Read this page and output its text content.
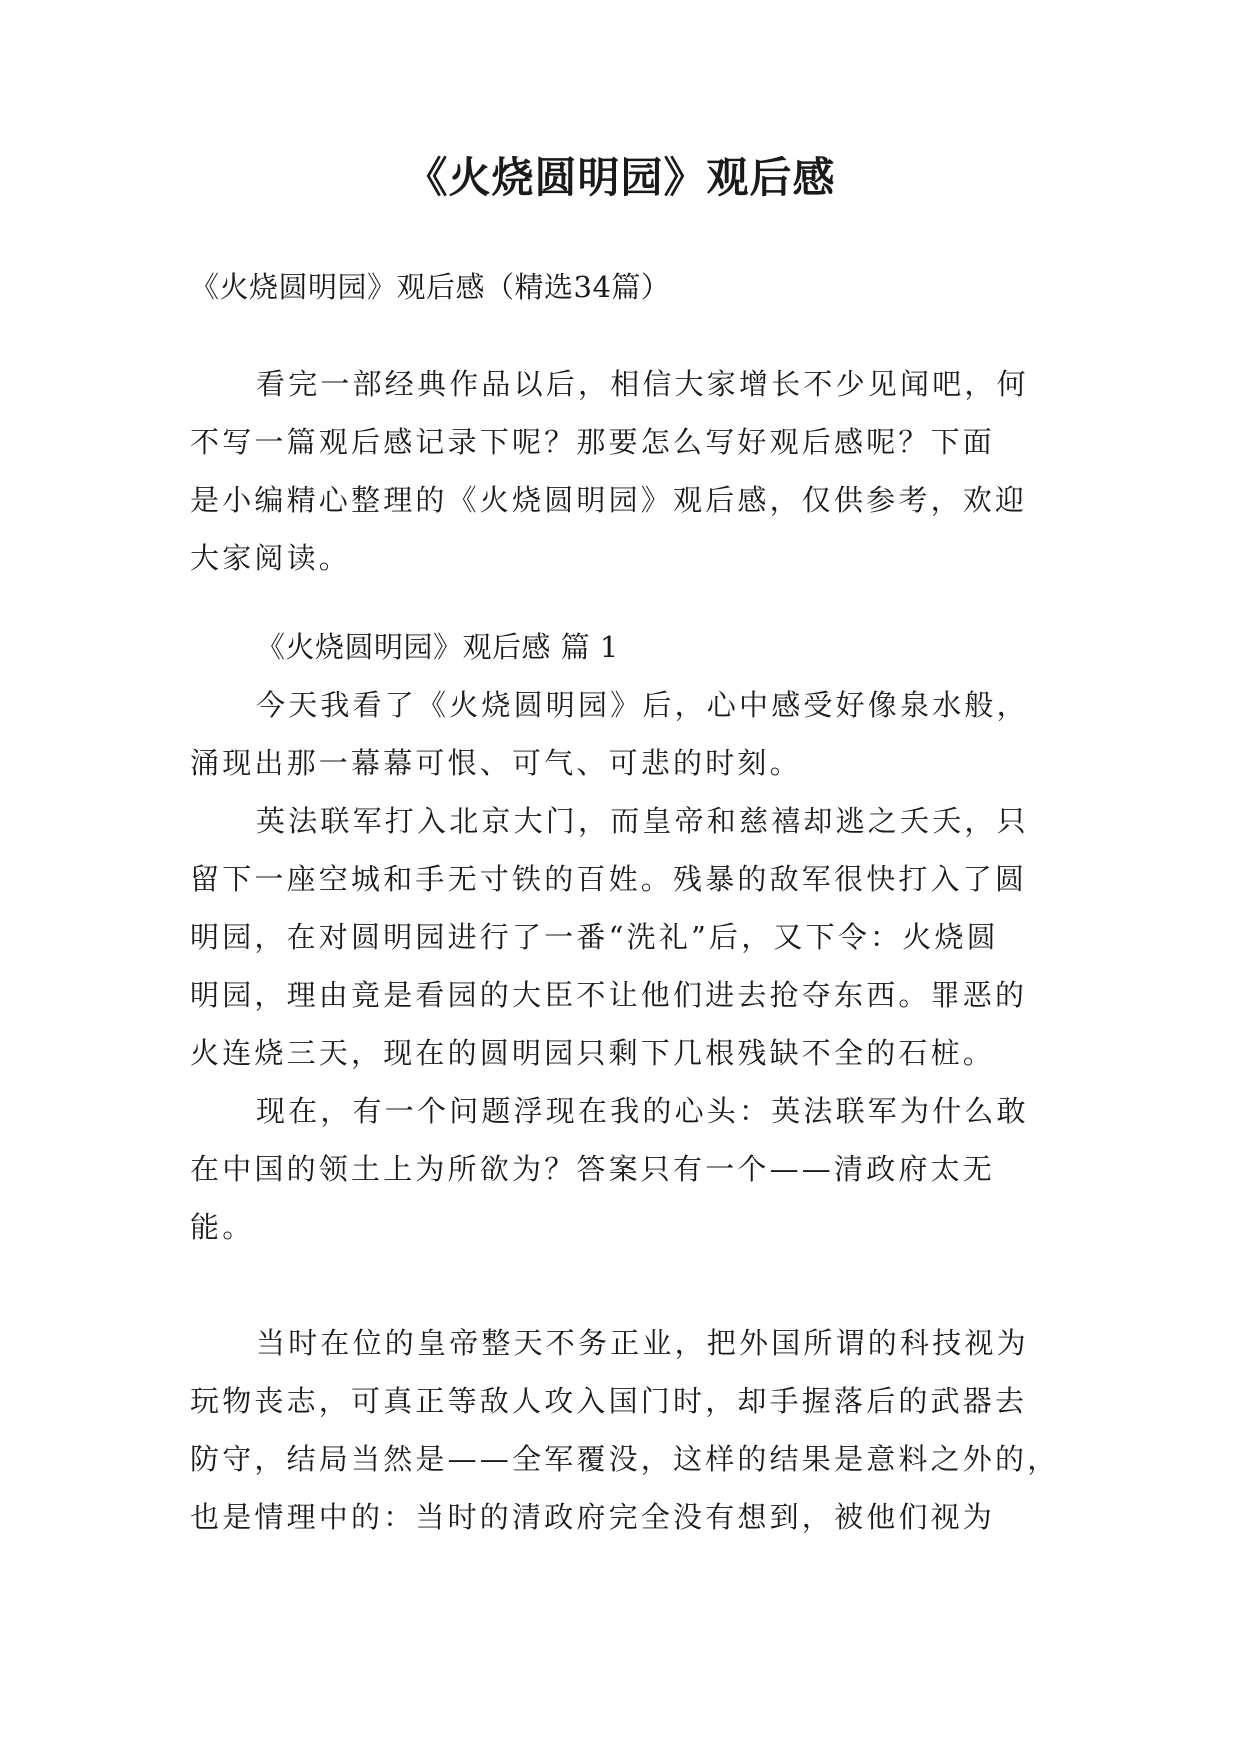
《火烧圆明园》观后感
《火烧圆明园》观后感（精选34篇）
看完一部经典作品以后，相信大家增长不少见闻吧，何
不写一篇观后感记录下呢？那要怎么写好观后感呢？下面
是小编精心整理的《火烧圆明园》观后感，仅供参考，欢迎
大家阅读。
《火烧圆明园》观后感 篇 1
今天我看了《火烧圆明园》后，心中感受好像泉水般，
涌现出那一幕幕可恨、可气、可悲的时刻。
英法联军打入北京大门，而皇帝和慈禧却逃之夭夭，只
留下一座空城和手无寸铁的百姓。残暴的敌军很快打入了圆
明园，在对圆明园进行了一番“洗礼”后，又下令：火烧圆
明园，理由竟是看园的大臣不让他们进去抢夺东西。罪恶的
火连烧三天，现在的圆明园只剩下几根残缺不全的石桩。
现在，有一个问题浮现在我的心头：英法联军为什么敢
在中国的领土上为所欲为？答案只有一个——清政府太无
能。
当时在位的皇帝整天不务正业，把外国所谓的科技视为
玩物丧志，可真正等敌人攻入国门时，却手握落后的武器去
防守，结局当然是——全军覆没，这样的结果是意料之外的，
也是情理中的：当时的清政府完全没有想到，被他们视为
